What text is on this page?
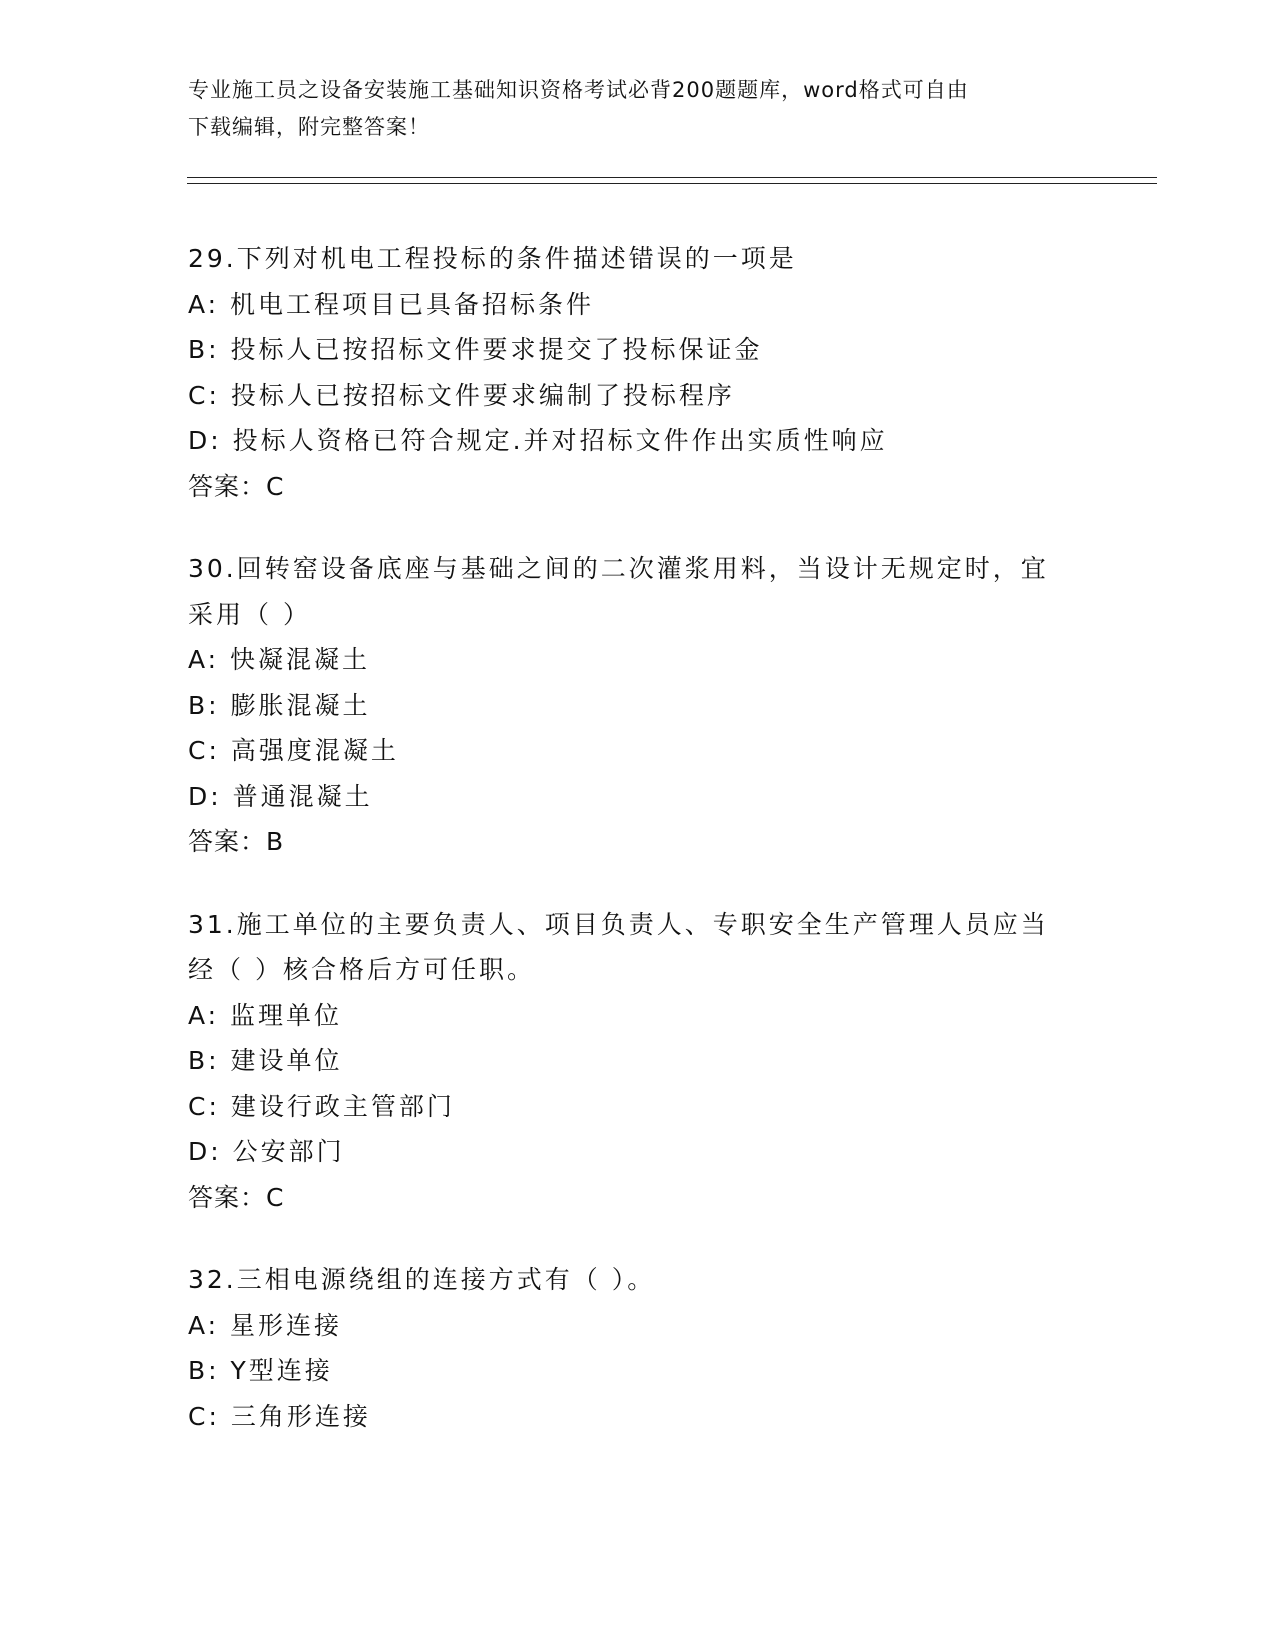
专业施工员之设备安装施工基础知识资格考试必背200题题库，word格式可自由
下载编辑，附完整答案！
29.下列对机电工程投标的条件描述错误的一项是
A: 机电工程项目已具备招标条件
B: 投标人已按招标文件要求提交了投标保证金
C: 投标人已按招标文件要求编制了投标程序
D: 投标人资格已符合规定.并对招标文件作出实质性响应
答案：C
30.回转窑设备底座与基础之间的二次灌浆用料，当设计无规定时，宜
采用（ ）
A: 快凝混凝土
B: 膨胀混凝土
C: 高强度混凝土
D: 普通混凝土
答案：B
31.施工单位的主要负责人、项目负责人、专职安全生产管理人员应当
经（ ）核合格后方可任职。
A: 监理单位
B: 建设单位
C: 建设行政主管部门
D: 公安部门
答案：C
32.三相电源绕组的连接方式有（ ）。
A: 星形连接
B: Y型连接
C: 三角形连接
